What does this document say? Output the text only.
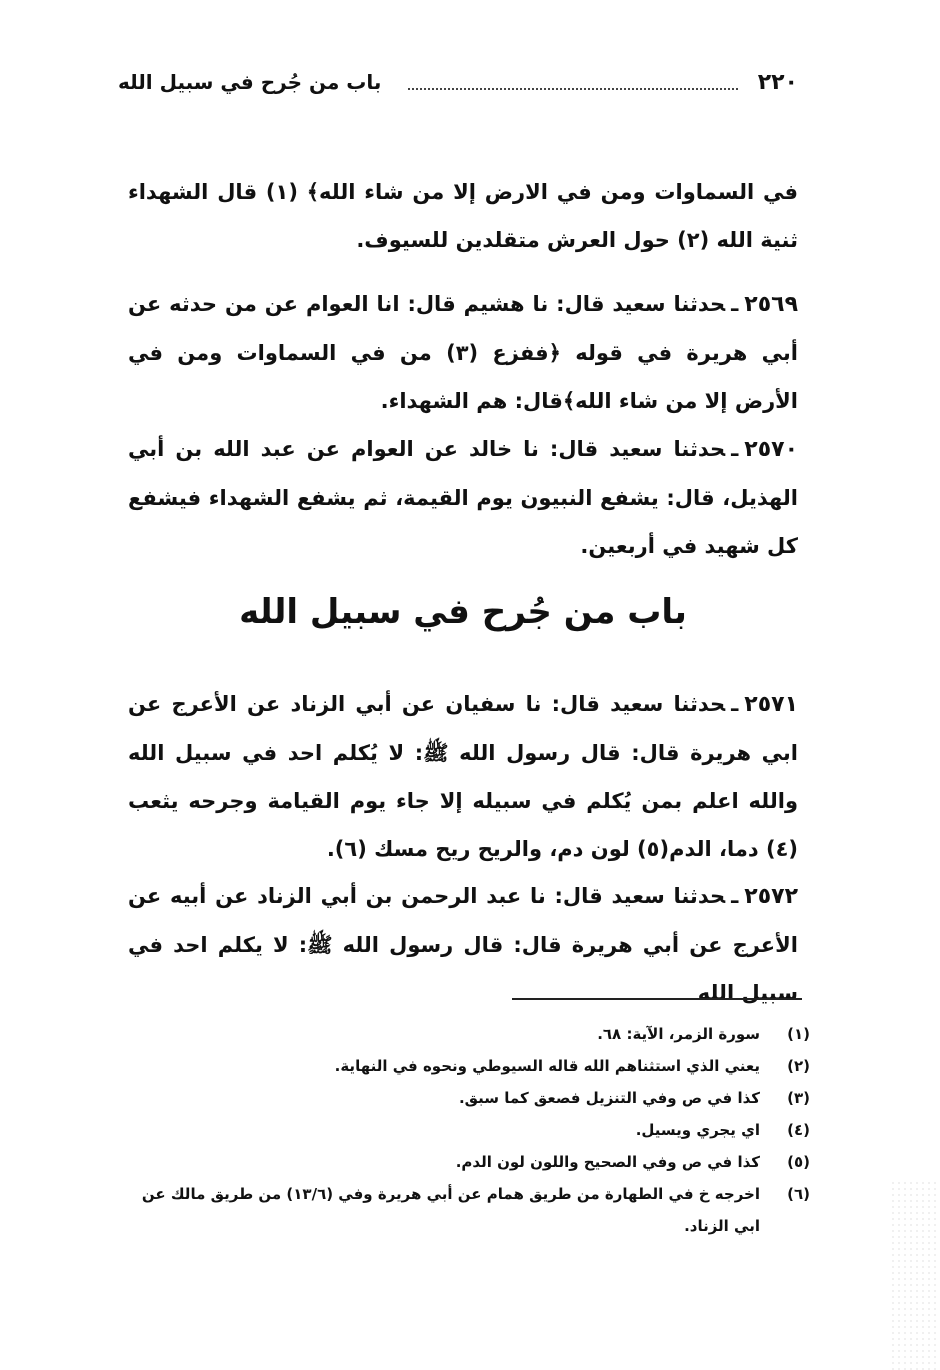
٢٢٠
باب من جُرح في سبيل الله
في السماوات ومن في الارض إلا من شاء الله﴾ (١) قال الشهداء ثنية الله (٢) حول العرش متقلدين للسيوف.
٢٥٦٩ـحدثنا سعيد قال: نا هشيم قال: انا العوام عن من حدثه عن أبي هريرة في قوله ﴿ففزع (٣) من في السماوات ومن في الأرض إلا من شاء الله﴾قال: هم الشهداء.
٢٥٧٠ـحدثنا سعيد قال: نا خالد عن العوام عن عبد الله بن أبي الهذيل، قال: يشفع النبيون يوم القيمة، ثم يشفع الشهداء فيشفع كل شهيد في أربعين.
باب من جُرح في سبيل الله
٢٥٧١ـحدثنا سعيد قال: نا سفيان عن أبي الزناد عن الأعرج عن ابي هريرة قال: قال رسول الله ﷺ: لا يُكلم احد في سبيل الله والله اعلم بمن يُكلم في سبيله إلا جاء يوم القيامة وجرحه يثعب (٤) دما، الدم(٥) لون دم، والريح ريح مسك (٦).
٢٥٧٢ـحدثنا سعيد قال: نا عبد الرحمن بن أبي الزناد عن أبيه عن الأعرج عن أبي هريرة قال: قال رسول الله ﷺ: لا يكلم احد في سبيل الله
(١)
سورة الزمر، الآية: ٦٨.
(٢)
يعني الذي استثناهم الله قاله السيوطي ونحوه في النهاية.
(٣)
كذا في ص وفي التنزيل فصعق كما سبق.
(٤)
اي يجري ويسيل.
(٥)
كذا في ص وفي الصحيح واللون لون الدم.
(٦)
اخرجه خ في الطهارة من طريق همام عن أبي هريرة وفي (١٣/٦) من طريق مالك عن ابي الزناد.
